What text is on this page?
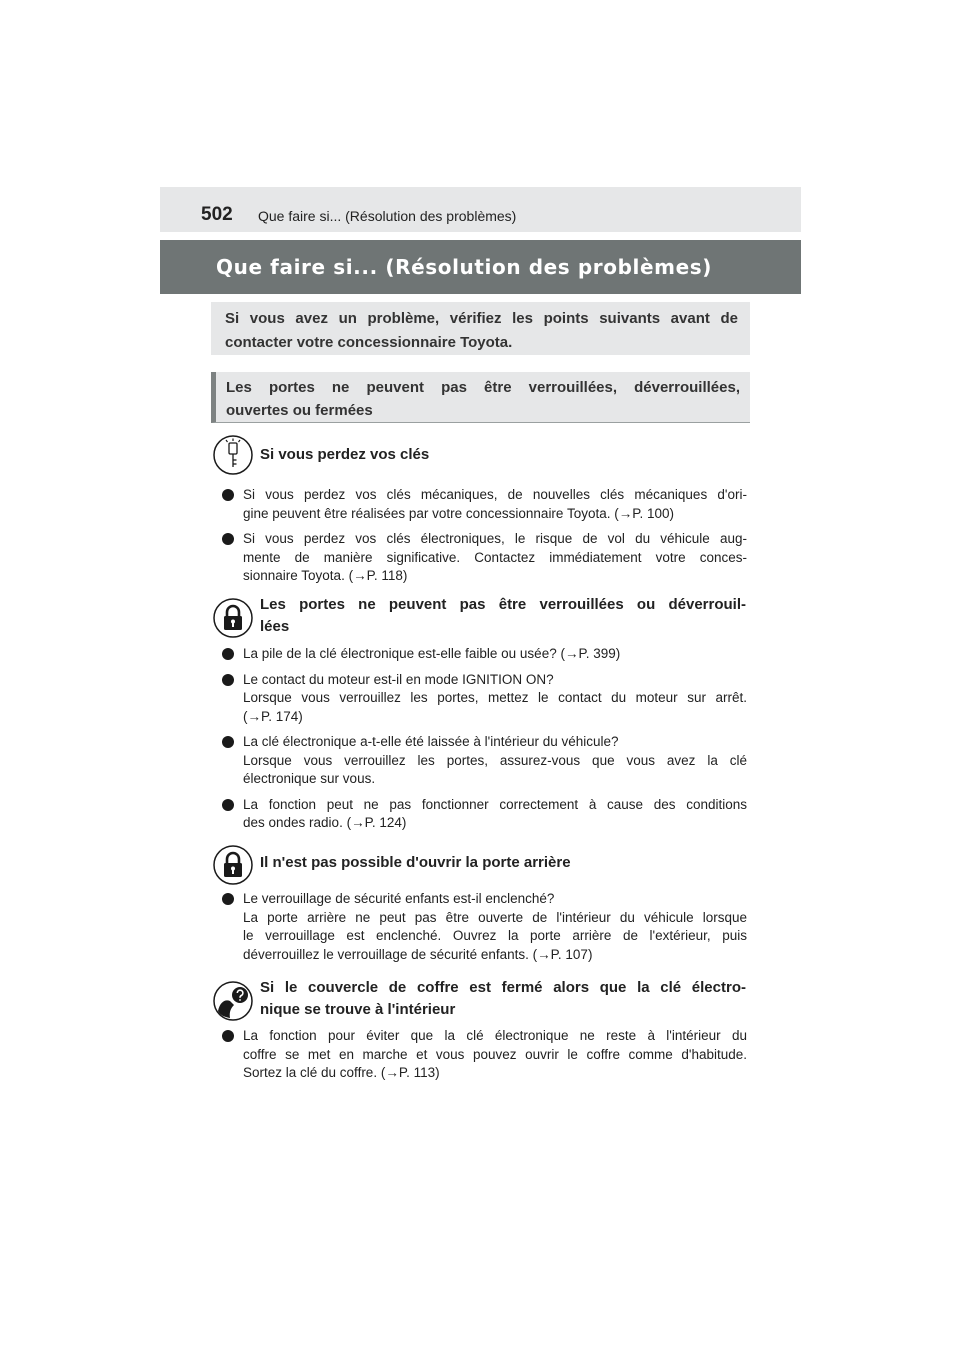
502 Que faire si... (Résolution des problèmes)
Que faire si... (Résolution des problèmes)
Si vous avez un problème, vérifiez les points suivants avant de
contacter votre concessionnaire Toyota.
Les portes ne peuvent pas être verrouillées, déverrouillées,
ouvertes ou fermées
Si vous perdez vos clés
Si vous perdez vos clés mécaniques, de nouvelles clés mécaniques d'ori-
gine peuvent être réalisées par votre concessionnaire Toyota. (→P. 100)
Si vous perdez vos clés électroniques, le risque de vol du véhicule aug-
mente de manière significative. Contactez immédiatement votre conces-
sionnaire Toyota. (→P. 118)
Les portes ne peuvent pas être verrouillées ou déverrouil-
lées
La pile de la clé électronique est-elle faible ou usée? (→P. 399)
Le contact du moteur est-il en mode IGNITION ON?
Lorsque vous verrouillez les portes, mettez le contact du moteur sur arrêt.
(→P. 174)
La clé électronique a-t-elle été laissée à l'intérieur du véhicule?
Lorsque vous verrouillez les portes, assurez-vous que vous avez la clé
électronique sur vous.
La fonction peut ne pas fonctionner correctement à cause des conditions
des ondes radio. (→P. 124)
Il n'est pas possible d'ouvrir la porte arrière
Le verrouillage de sécurité enfants est-il enclenché?
La porte arrière ne peut pas être ouverte de l'intérieur du véhicule lorsque
le verrouillage est enclenché. Ouvrez la porte arrière de l'extérieur, puis
déverrouillez le verrouillage de sécurité enfants. (→P. 107)
Si le couvercle de coffre est fermé alors que la clé électro-
nique se trouve à l'intérieur
La fonction pour éviter que la clé électronique ne reste à l'intérieur du
coffre se met en marche et vous pouvez ouvrir le coffre comme d'habitude.
Sortez la clé du coffre. (→P. 113)
